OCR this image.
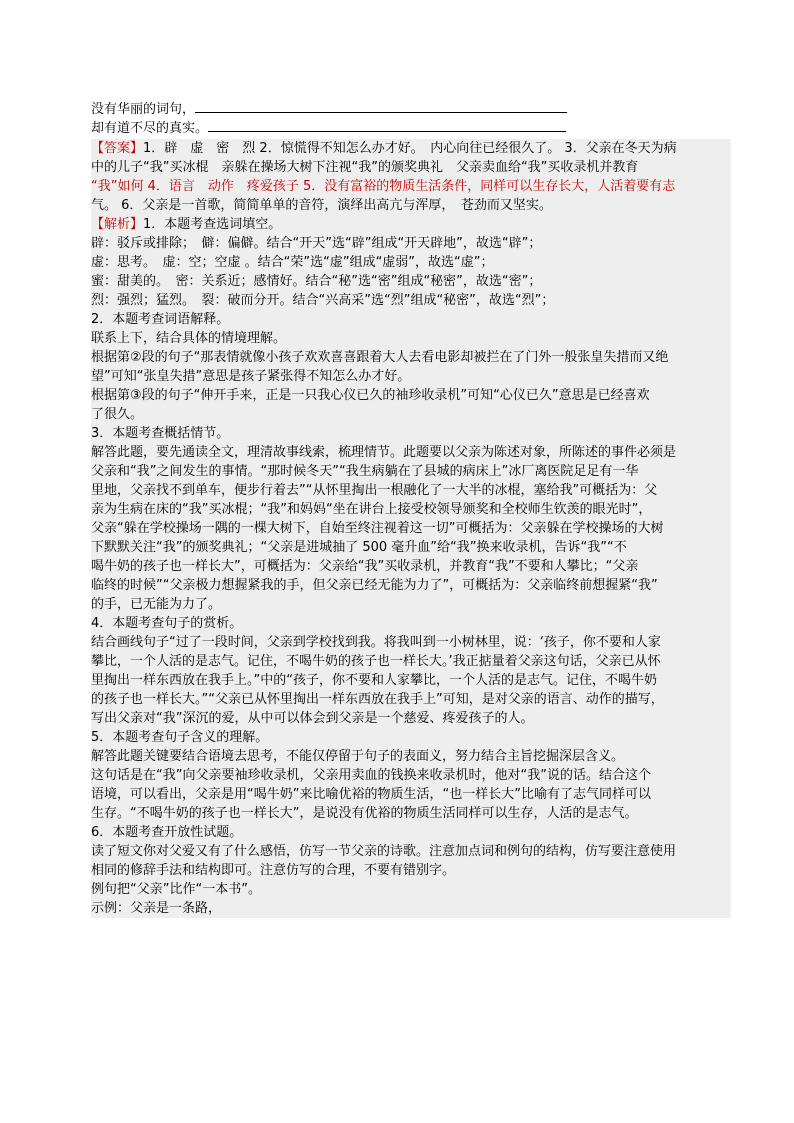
没有华丽的词句，
却有道不尽的真实。
【答案】1．辟　虚　密　烈 2．惊慌得不知怎么办才好。　内心向往已经很久了。 3．父亲在冬天为病
中的儿子“我”买冰棍　亲躲在操场大树下注视“我”的颁奖典礼　父亲卖血给“我”买收录机并教育
“我”如何 4．语言　动作　疼爱孩子 5．没有富裕的物质生活条件，同样可以生存长大，人活着要有志
气。 6．父亲是一首歌，简简单单的音符，演绎出高亢与浑厚，　苍劲而又坚实。
【解析】1．本题考查选词填空。
辟：驳斥或排除；　僻：偏僻。结合“开天”选“辟”组成“开天辟地”，故选“辟”；
虚：思考。　虚：空；空虚 。结合“荣”选“虚”组成“虚弱”，故选“虚”；
蜜：甜美的。　密：关系近；感情好。结合“秘”选“密”组成“秘密”，故选“密”；
烈：强烈；猛烈。　裂：破而分开。结合“兴高采”选“烈”组成“秘密”，故选“烈”；
2．本题考查词语解释。
联系上下，结合具体的情境理解。
根据第②段的句子“那表情就像小孩子欢欢喜喜跟着大人去看电影却被拦在了门外一般张皇失措而又绝
望”可知“张皇失措”意思是孩子紧张得不知怎么办才好。
根据第③段的句子“伸开手来，正是一只我心仪已久的袖珍收录机”可知“心仪已久”意思是已经喜欢
了很久。
3．本题考查概括情节。
解答此题，要先通读全文，理清故事线索，梳理情节。此题要以父亲为陈述对象，所陈述的事件必须是
父亲和“我”之间发生的事情。“那时候冬天”“我生病躺在了县城的病床上”冰厂离医院足足有一华
里地，父亲找不到单车，便步行着去”“从怀里掏出一根融化了一大半的冰棍，塞给我”可概括为：父
亲为生病在床的“我”买冰棍；“我”和妈妈“坐在讲台上接受校领导颁奖和全校师生钦羡的眼光时”，
父亲“躲在学校操场一隅的一棵大树下，自始至终注视着这一切”可概括为：父亲躲在学校操场的大树
下默默关注“我”的颁奖典礼；“父亲是进城抽了 500 毫升血”给“我”换来收录机，告诉“我”“不
喝牛奶的孩子也一样长大”，可概括为：父亲给“我”买收录机，并教育“我”不要和人攀比；“父亲
临终的时候”“父亲极力想握紧我的手，但父亲已经无能为力了”，可概括为：父亲临终前想握紧“我”
的手，已无能为力了。
4．本题考查句子的赏析。
结合画线句子“过了一段时间，父亲到学校找到我。将我叫到一小树林里，说：‘孩子，你不要和人家
攀比，一个人活的是志气。记住，不喝牛奶的孩子也一样长大。’我正掂量着父亲这句话，父亲已从怀
里掏出一样东西放在我手上。”中的“孩子，你不要和人家攀比，一个人活的是志气。记住，不喝牛奶
的孩子也一样长大。”“父亲已从怀里掏出一样东西放在我手上”可知，是对父亲的语言、动作的描写，
写出父亲对“我”深沉的爱，从中可以体会到父亲是一个慈爱、疼爱孩子的人。
5．本题考查句子含义的理解。
解答此题关键要结合语境去思考，不能仅停留于句子的表面义，努力结合主旨挖掘深层含义。
这句话是在“我”向父亲要袖珍收录机，父亲用卖血的钱换来收录机时，他对“我”说的话。结合这个
语境，可以看出，父亲是用“喝牛奶”来比喻优裕的物质生活，“也一样长大”比喻有了志气同样可以
生存。“不喝牛奶的孩子也一样长大”，是说没有优裕的物质生活同样可以生存，人活的是志气。
6．本题考查开放性试题。
读了短文你对父爱又有了什么感悟，仿写一节父亲的诗歌。注意加点词和例句的结构，仿写要注意使用
相同的修辞手法和结构即可。注意仿写的合理，不要有错别字。
例句把“父亲”比作“一本书”。
示例：父亲是一条路，
